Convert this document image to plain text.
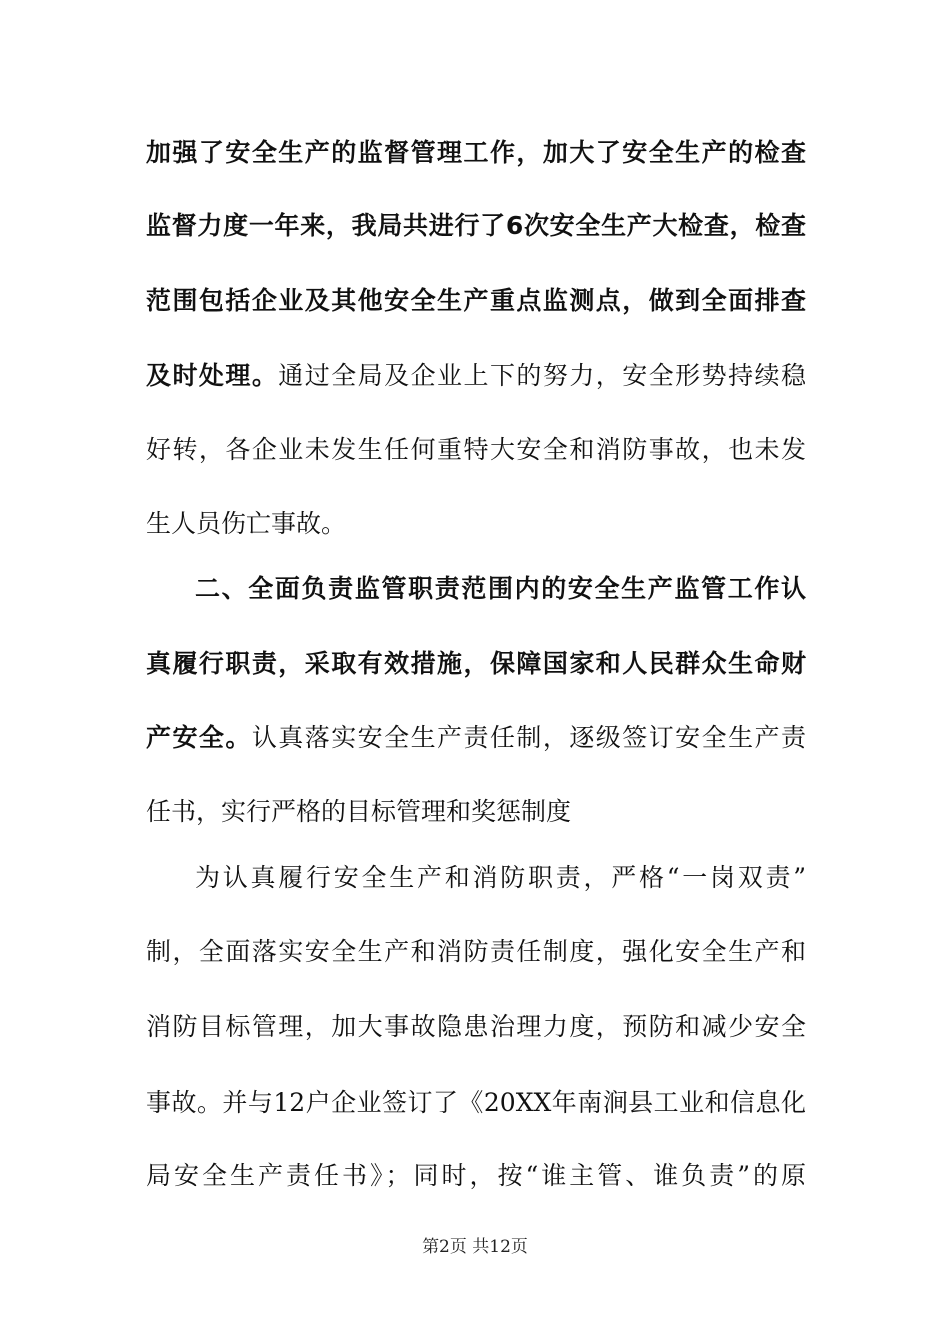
加强了安全生产的监督管理工作，加大了安全生产的检查
监督力度一年来，我局共进行了6次安全生产大检查，检查
范围包括企业及其他安全生产重点监测点，做到全面排查
及时处理。通过全局及企业上下的努力，安全形势持续稳
好转，各企业未发生任何重特大安全和消防事故，也未发
生人员伤亡事故。
二、全面负责监管职责范围内的安全生产监管工作认
真履行职责，采取有效措施，保障国家和人民群众生命财
产安全。认真落实安全生产责任制，逐级签订安全生产责
任书，实行严格的目标管理和奖惩制度
为认真履行安全生产和消防职责，严格“一岗双责”
制，全面落实安全生产和消防责任制度，强化安全生产和
消防目标管理，加大事故隐患治理力度，预防和减少安全
事故。并与12户企业签订了《20XX年南涧县工业和信息化
局安全生产责任书》；同时，按“谁主管、谁负责”的原
第2页 共12页
